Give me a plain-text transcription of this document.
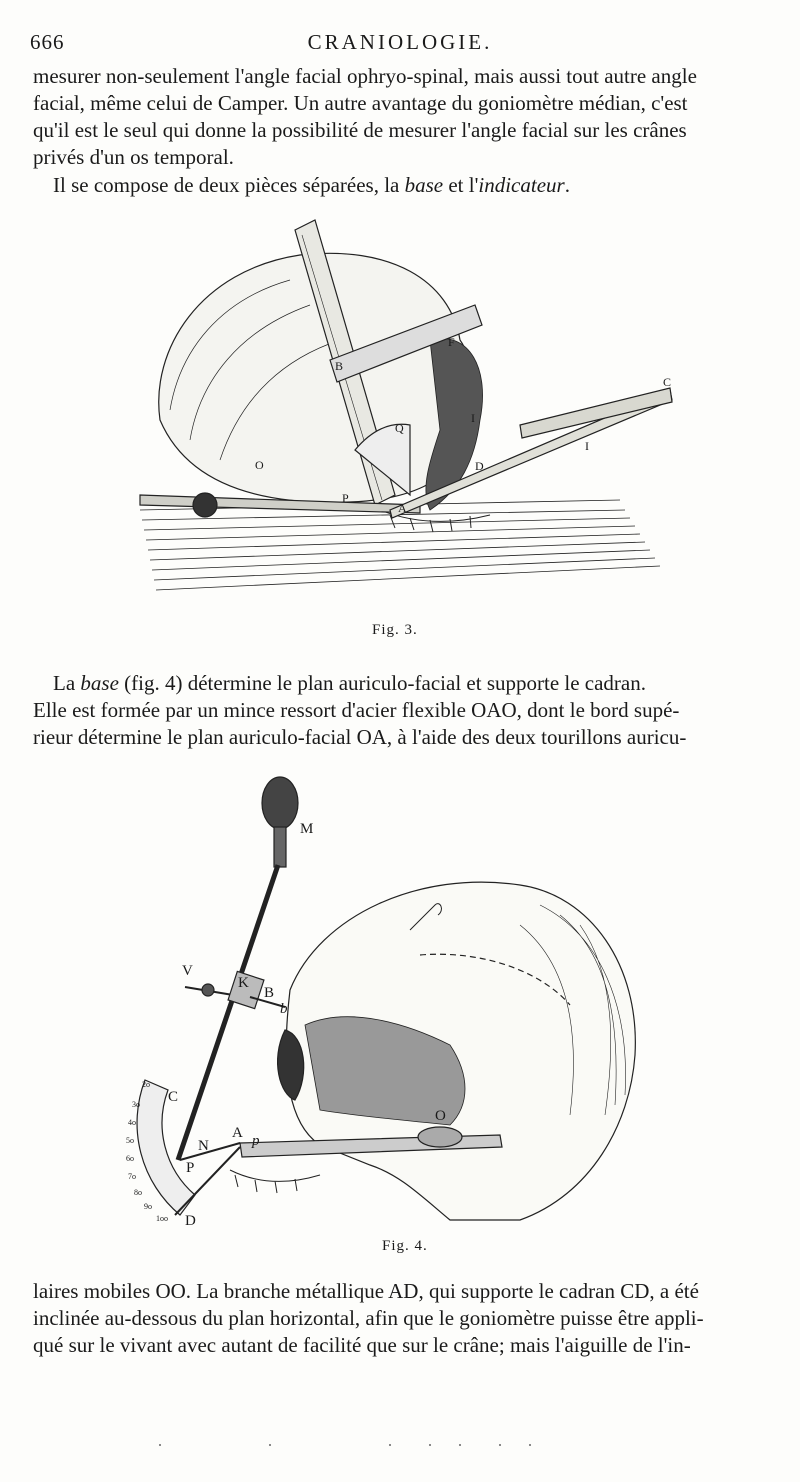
666	CRANIOLOGIE.

mesurer non-seulement l'angle facial ophryo-spinal, mais aussi tout autre angle

facial, même celui de Camper. Un autre avantage du goniomètre médian, c'est

qu'il est le seul qui donne la possibilité de mesurer l'angle facial sur les crânes

privés d'un os temporal.

Il se compose de deux pièces séparées, la base et l'indicateur.

F
B
C
I
I
Q
O	D
P
A
Fig. 3.

La base (fig. 4) détermine le plan auriculo-facial et supporte le cadran.

Elle est formée par un mince ressort d'acier flexible OAO, dont le bord supé-

rieur détermine le plan auriculo-facial OA, à l'aide des deux tourillons auricu-

M
V
K
B
b
C
N
A p
P
O
D
2o
3o
4o
5o
6o
7o
8o
9o
1oo
Fig. 4.

laires mobiles OO. La branche métallique AD, qui supporte le cadran CD, a été

inclinée au-dessous du plan horizontal, afin que le goniomètre puisse être appli-

qué sur le vivant avec autant de facilité que sur le crâne; mais l'aiguille de l'in-
